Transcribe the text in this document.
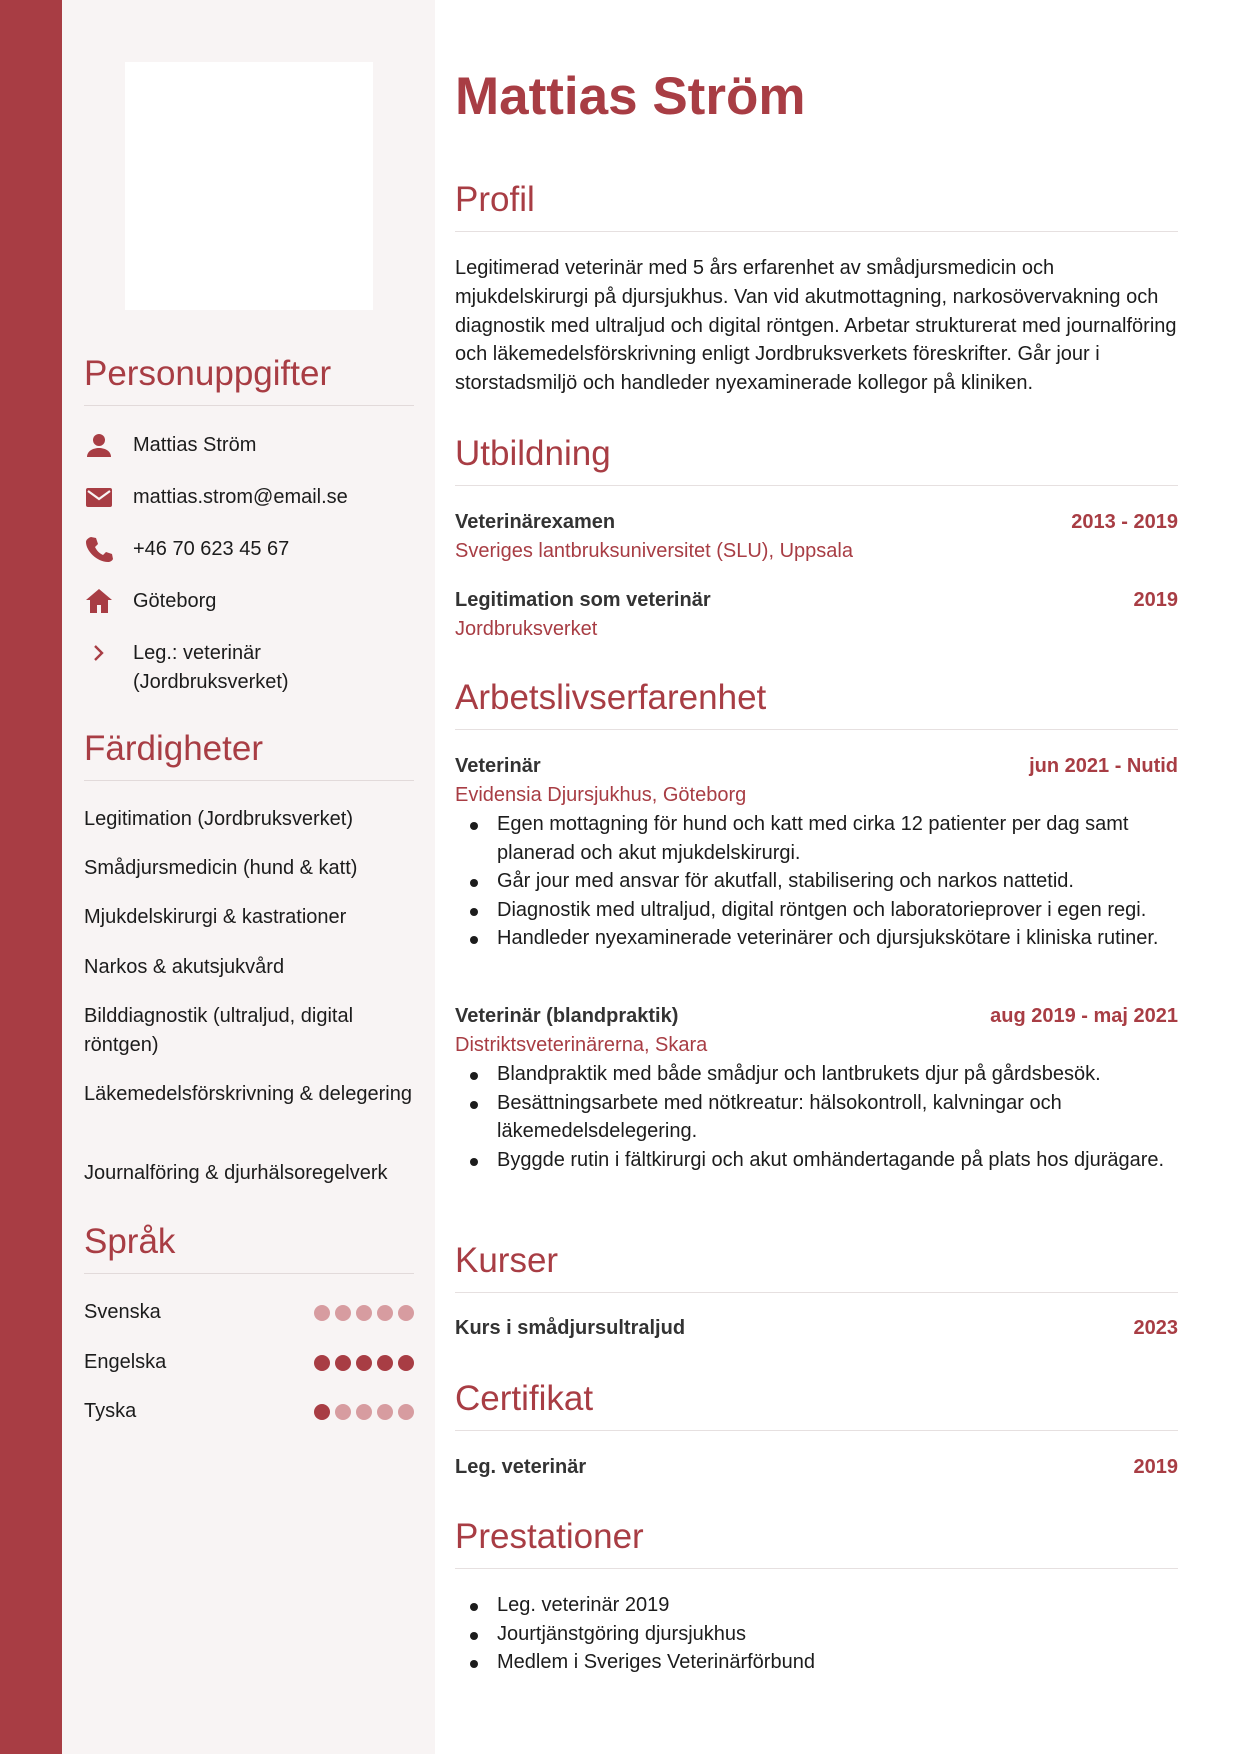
Personuppgifter
Mattias Ström
mattias.strom@email.se
+46 70 623 45 67
Göteborg
Leg.: veterinär (Jordbruksverket)
Färdigheter
Legitimation (Jordbruksverket)
Smådjursmedicin (hund & katt)
Mjukdelskirurgi & kastrationer
Narkos & akutsjukvård
Bilddiagnostik (ultraljud, digital röntgen)
Läkemedelsförskrivning & delegering
Journalföring & djurhälsoregelverk
Språk
Svenska
Engelska
Tyska
Mattias Ström
Profil
Legitimerad veterinär med 5 års erfarenhet av smådjursmedicin och mjukdelskirurgi på djursjukhus. Van vid akutmottagning, narkosövervakning och diagnostik med ultraljud och digital röntgen. Arbetar strukturerat med journalföring och läkemedelsförskrivning enligt Jordbruksverkets föreskrifter. Går jour i storstadsmiljö och handleder nyexaminerade kollegor på kliniken.
Utbildning
Veterinärexamen	2013 - 2019
Sveriges lantbruksuniversitet (SLU), Uppsala
Legitimation som veterinär	2019
Jordbruksverket
Arbetslivserfarenhet
Veterinär	jun 2021 - Nutid
Evidensia Djursjukhus, Göteborg
Egen mottagning för hund och katt med cirka 12 patienter per dag samt planerad och akut mjukdelskirurgi.
Går jour med ansvar för akutfall, stabilisering och narkos nattetid.
Diagnostik med ultraljud, digital röntgen och laboratorieprover i egen regi.
Handleder nyexaminerade veterinärer och djursjukskötare i kliniska rutiner.
Veterinär (blandpraktik)	aug 2019 - maj 2021
Distriktsveterinärerna, Skara
Blandpraktik med både smådjur och lantbrukets djur på gårdsbesök.
Besättningsarbete med nötkreatur: hälsokontroll, kalvningar och läkemedelsdelegering.
Byggde rutin i fältkirurgi och akut omhändertagande på plats hos djurägare.
Kurser
Kurs i smådjursultraljud	2023
Certifikat
Leg. veterinär	2019
Prestationer
Leg. veterinär 2019
Jourtjänstgöring djursjukhus
Medlem i Sveriges Veterinärförbund
